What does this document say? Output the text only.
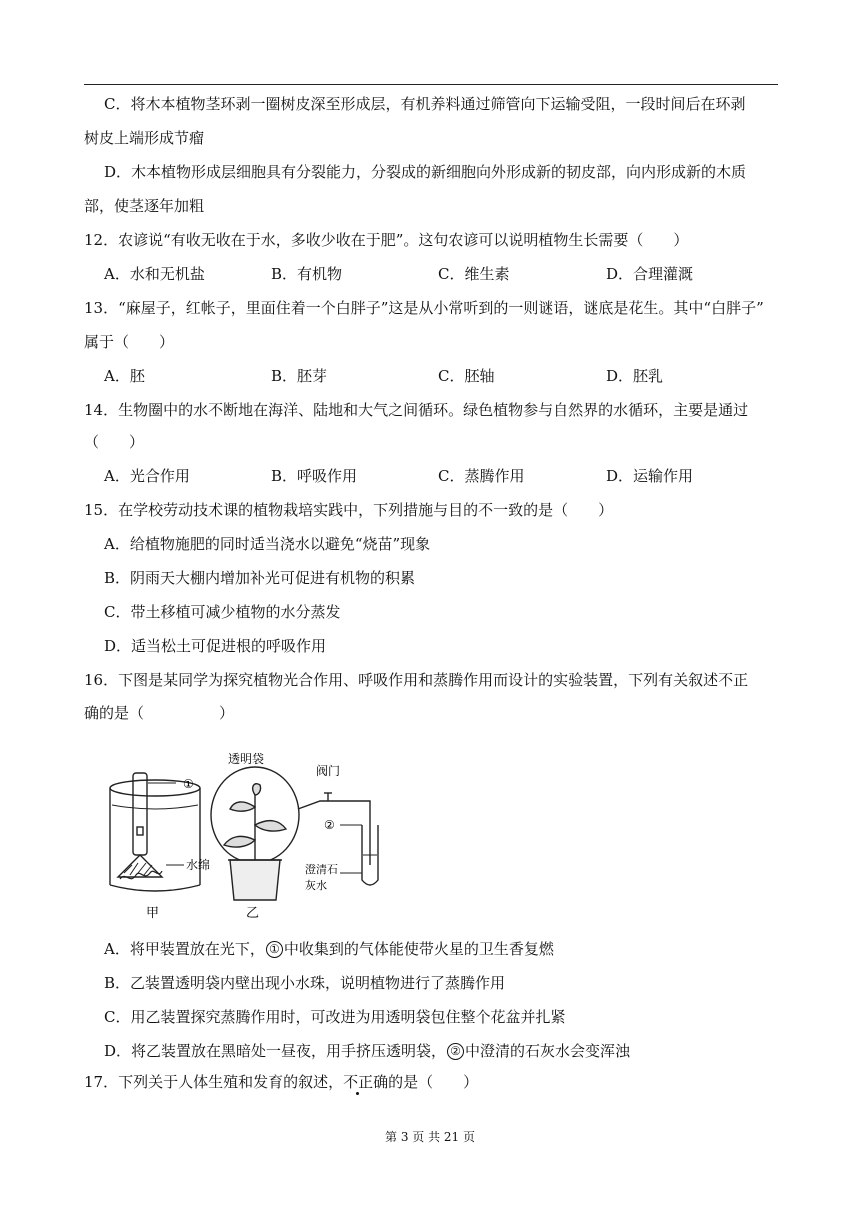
C．将木本植物茎环剥一圈树皮深至形成层，有机养料通过筛管向下运输受阻，一段时间后在环剥
树皮上端形成节瘤
D．木本植物形成层细胞具有分裂能力，分裂成的新细胞向外形成新的韧皮部，向内形成新的木质
部，使茎逐年加粗
12．农谚说“有收无收在于水，多收少收在于肥”。这句农谚可以说明植物生长需要（　　）
A．水和无机盐	B．有机物	C．维生素	D．合理灌溉
13．“麻屋子，红帐子，里面住着一个白胖子”这是从小常听到的一则谜语，谜底是花生。其中“白胖子”
属于（　　）
A．胚	B．胚芽	C．胚轴	D．胚乳
14．生物圈中的水不断地在海洋、陆地和大气之间循环。绿色植物参与自然界的水循环，主要是通过
（　　）
A．光合作用	B．呼吸作用	C．蒸腾作用	D．运输作用
15．在学校劳动技术课的植物栽培实践中，下列措施与目的不一致的是（　　）
A．给植物施肥的同时适当浇水以避免“烧苗”现象
B．阴雨天大棚内增加补光可促进有机物的积累
C．带土移植可减少植物的水分蒸发
D．适当松土可促进根的呼吸作用
16．下图是某同学为探究植物光合作用、呼吸作用和蒸腾作用而设计的实验装置，下列有关叙述不正
确的是（　　　　　）
①
水绵
甲
透明袋
阀门
②
澄清石
灰水
乙
A．将甲装置放在光下， ① 中收集到的气体能使带火星的卫生香复燃
B．乙装置透明袋内壁出现小水珠，说明植物进行了蒸腾作用
C．用乙装置探究蒸腾作用时，可改进为用透明袋包住整个花盆并扎紧
D．将乙装置放在黑暗处一昼夜，用手挤压透明袋， ② 中澄清的石灰水会变浑浊
17．下列关于人体生殖和发育的叙述，不正确的是（　　）
第 3 页 共 21 页
